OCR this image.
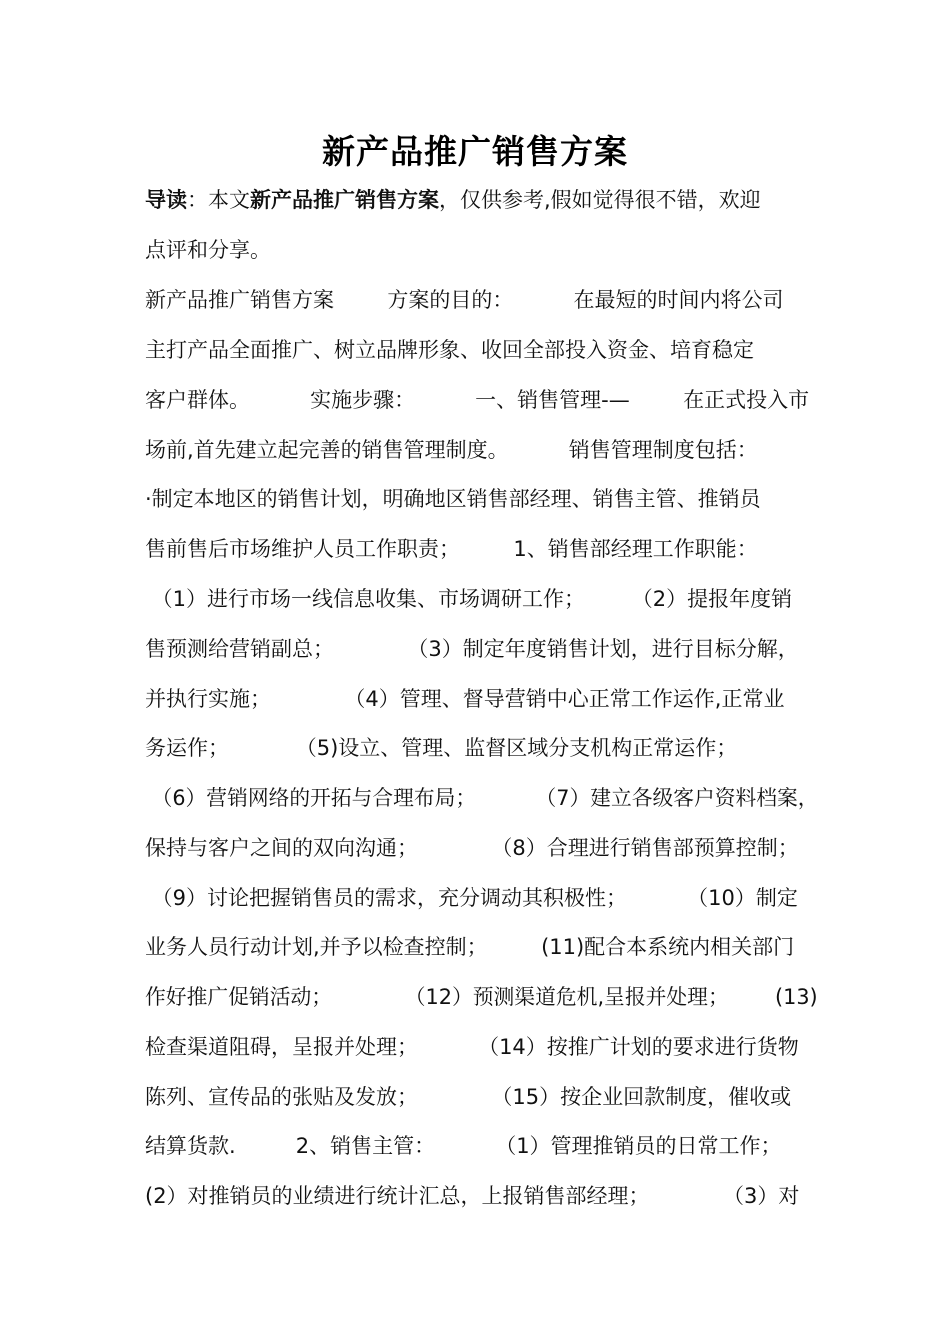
新产品推广销售方案
导读：本文新产品推广销售方案，仅供参考,假如觉得很不错，欢迎
点评和分享。
新产品推广销售方案        方案的目的：         在最短的时间内将公司
主打产品全面推广、树立品牌形象、收回全部投入资金、培育稳定
客户群体。         实施步骤：         一、销售管理-—        在正式投入市
场前,首先建立起完善的销售管理制度。         销售管理制度包括：
·制定本地区的销售计划，明确地区销售部经理、销售主管、推销员
售前售后市场维护人员工作职责；        1、销售部经理工作职能：
（1）进行市场一线信息收集、市场调研工作；       （2）提报年度销
售预测给营销副总；           （3）制定年度销售计划，进行目标分解，
并执行实施；           （4）管理、督导营销中心正常工作运作,正常业
务运作；          （5)设立、管理、监督区域分支机构正常运作；
（6）营销网络的开拓与合理布局；         （7）建立各级客户资料档案，
保持与客户之间的双向沟通；           （8）合理进行销售部预算控制；
（9）讨论把握销售员的需求，充分调动其积极性；         （10）制定
业务人员行动计划,并予以检查控制；        (11)配合本系统内相关部门
作好推广促销活动；           （12）预测渠道危机,呈报并处理；       (13)
检查渠道阻碍，呈报并处理；         （14）按推广计划的要求进行货物
陈列、宣传品的张贴及发放；           （15）按企业回款制度，催收或
结算货款.         2、销售主管：         （1）管理推销员的日常工作；
(2）对推销员的业绩进行统计汇总，上报销售部经理；           （3）对
